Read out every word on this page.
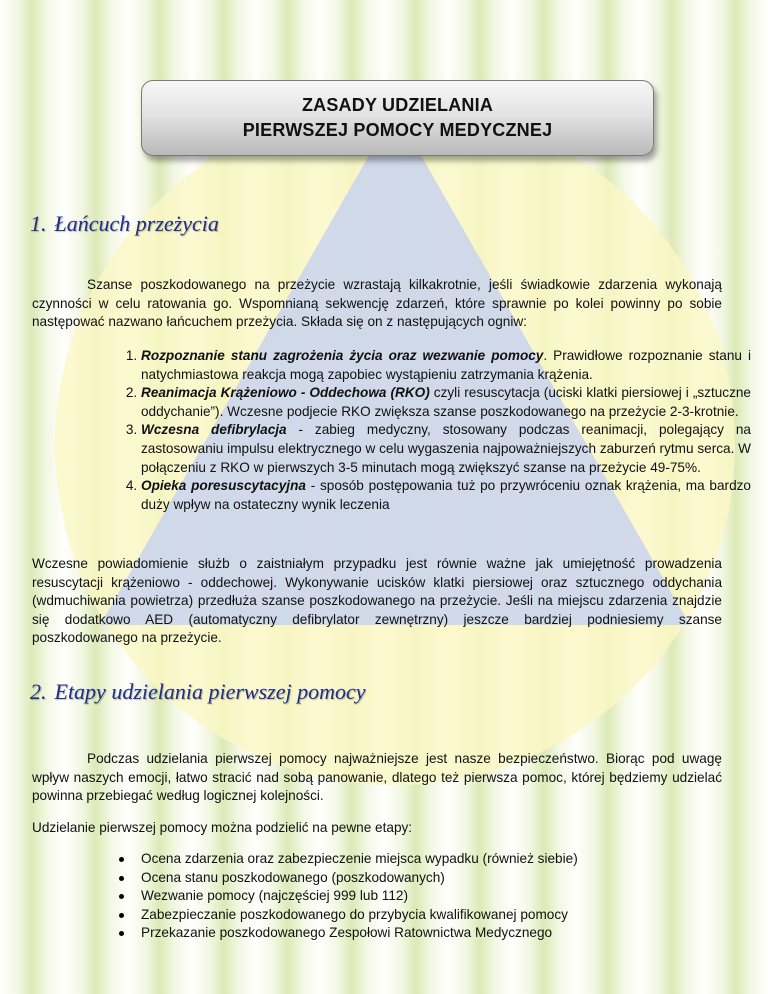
ZASADY UDZIELANIA
PIERWSZEJ POMOCY MEDYCZNEJ
1. Łańcuch przeżycia

Szanse poszkodowanego na przeżycie wzrastają kilkakrotnie, jeśli świadkowie zdarzenia wykonają czynności w celu ratowania go. Wspomnianą sekwencję zdarzeń, które sprawnie po kolei powinny po sobie następować nazwano łańcuchem przeżycia. Składa się on z następujących ogniw:

1. Rozpoznanie stanu zagrożenia życia oraz wezwanie pomocy. Prawidłowe rozpoznanie stanu i natychmiastowa reakcja mogą zapobiec wystąpieniu zatrzymania krążenia.
2. Reanimacja Krążeniowo - Oddechowa (RKO) czyli resuscytacja (uciski klatki piersiowej i „sztuczne oddychanie”). Wczesne podjecie RKO zwiększa szanse poszkodowanego na przeżycie 2-3-krotnie.
3. Wczesna defibrylacja - zabieg medyczny, stosowany podczas reanimacji, polegający na zastosowaniu impulsu elektrycznego w celu wygaszenia najpoważniejszych zaburzeń rytmu serca. W połączeniu z RKO w pierwszych 3-5 minutach mogą zwiększyć szanse na przeżycie 49-75%.
4. Opieka poresuscytacyjna - sposób postępowania tuż po przywróceniu oznak krążenia, ma bardzo duży wpływ na ostateczny wynik leczenia

Wczesne powiadomienie służb o zaistniałym przypadku jest równie ważne jak umiejętność prowadzenia resuscytacji krążeniowo - oddechowej. Wykonywanie ucisków klatki piersiowej oraz sztucznego oddychania (wdmuchiwania powietrza) przedłuża szanse poszkodowanego na przeżycie. Jeśli na miejscu zdarzenia znajdzie się dodatkowo AED (automatyczny defibrylator zewnętrzny) jeszcze bardziej podniesiemy szanse poszkodowanego na przeżycie.

2. Etapy udzielania pierwszej pomocy

Podczas udzielania pierwszej pomocy najważniejsze jest nasze bezpieczeństwo. Biorąc pod uwagę wpływ naszych emocji, łatwo stracić nad sobą panowanie, dlatego też pierwsza pomoc, której będziemy udzielać powinna przebiegać według logicznej kolejności.

Udzielanie pierwszej pomocy można podzielić na pewne etapy:

Ocena zdarzenia oraz zabezpieczenie miejsca wypadku (również siebie)
Ocena stanu poszkodowanego (poszkodowanych)
Wezwanie pomocy (najczęściej 999 lub 112)
Zabezpieczanie poszkodowanego do przybycia kwalifikowanej pomocy
Przekazanie poszkodowanego Zespołowi Ratownictwa Medycznego
